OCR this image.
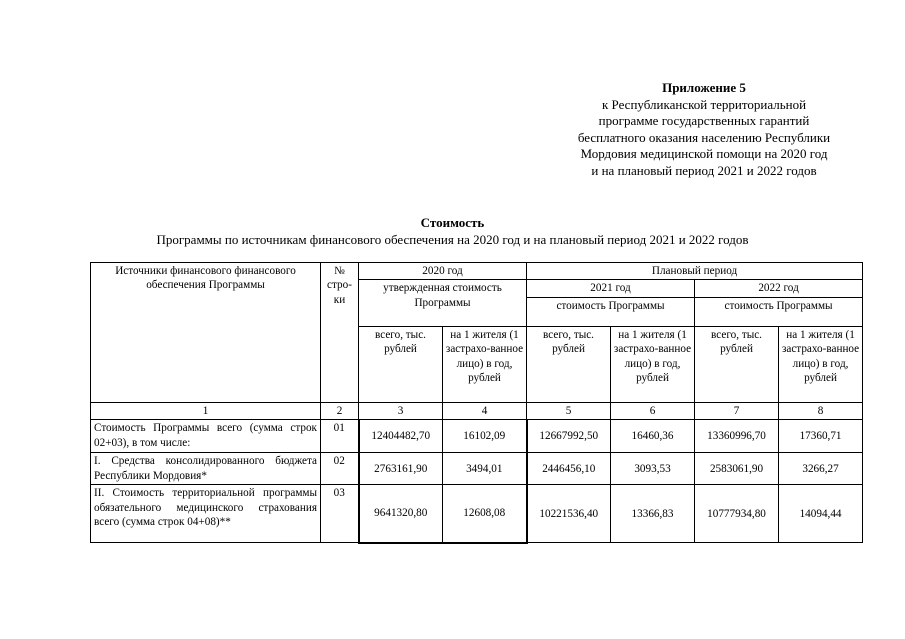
Приложение 5
к Республиканской территориальной
программе государственных гарантий
бесплатного оказания населению Республики
Мордовия медицинской помощи на 2020 год
и на плановый период 2021 и 2022 годов
Стоимость
Программы по источникам финансового обеспечения на 2020 год и на плановый период 2021 и 2022 годов
Источники финансового финансового обеспечения Программы	№ стро-ки	2020 год		Плановый период			
		утвержденная стоимость Программы		2021 год		2022 год	
				стоимость Программы		стоимость Программы	
		всего, тыс. рублей	на 1 жителя (1 застрахо-ванное лицо) в год, рублей	всего, тыс. рублей	на 1 жителя (1 застрахо-ванное лицо) в год, рублей	всего, тыс. рублей	на 1 жителя (1 застрахо-ванное лицо) в год, рублей
1	2	3	4	5	6	7	8
Стоимость Программы всего (сумма строк 02+03), в том числе:	01	12404482,70	16102,09	12667992,50	16460,36	13360996,70	17360,71
I. Средства консолидированного бюджета Республики Мордовия*	02	2763161,90	3494,01	2446456,10	3093,53	2583061,90	3266,27
II. Стоимость территориальной программы обязательного медицинского страхования всего (сумма строк 04+08)**	03	9641320,80	12608,08	10221536,40	13366,83	10777934,80	14094,44
